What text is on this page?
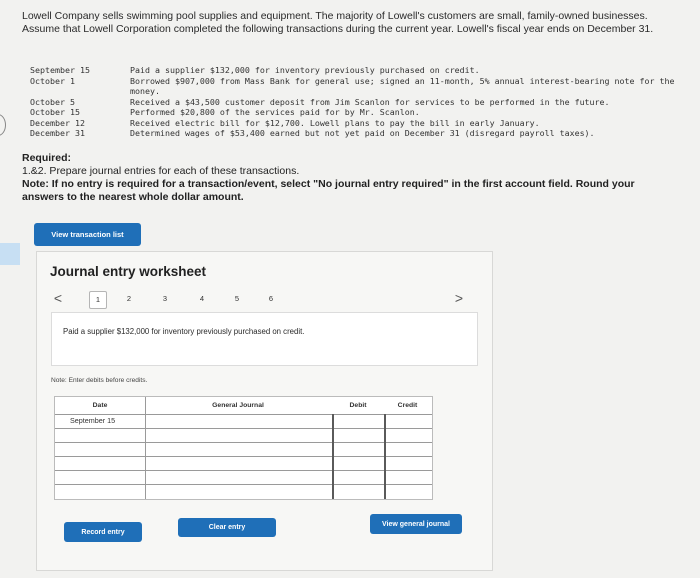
Lowell Company sells swimming pool supplies and equipment. The majority of Lowell's customers are small, family-owned businesses. Assume that Lowell Corporation completed the following transactions during the current year. Lowell's fiscal year ends on December 31.
September 15	Paid a supplier $132,000 for inventory previously purchased on credit.
October 1	Borrowed $907,000 from Mass Bank for general use; signed an 11-month, 5% annual interest-bearing note for the money.
October 5	Received a $43,500 customer deposit from Jim Scanlon for services to be performed in the future.
October 15	Performed $20,800 of the services paid for by Mr. Scanlon.
December 12	Received electric bill for $12,700. Lowell plans to pay the bill in early January.
December 31	Determined wages of $53,400 earned but not yet paid on December 31 (disregard payroll taxes).
Required:
1.&2. Prepare journal entries for each of these transactions.
Note: If no entry is required for a transaction/event, select "No journal entry required" in the first account field. Round your answers to the nearest whole dollar amount.
View transaction list
Journal entry worksheet
<	1	2	3	4	5	6	>
Paid a supplier $132,000 for inventory previously purchased on credit.
Note: Enter debits before credits.
Date	General Journal	Debit	Credit
September 15
Record entry
Clear entry	View general journal
